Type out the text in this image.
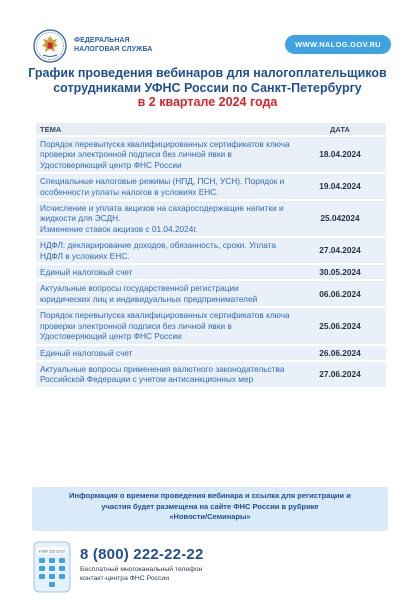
ФЕДЕРАЛЬНАЯ
НАЛОГОВАЯ СЛУЖБА
WWW.NALOG.GOV.RU
График проведения вебинаров для налогоплательщиков
сотрудниками УФНС России по Санкт-Петербургу
в 2 квартале 2024 года
ТЕМА	ДАТА
Порядок перевыпуска квалифицированных сертификатов ключа проверки электронной подписи без личной явки в Удостоверяющий центр ФНС России	18.04.2024
Специальные налоговые режимы (НПД, ПСН, УСН). Порядок и особенности уплаты налогов в условиях ЕНС.	19.04.2024
Исчисление и уплата акцизов на сахаросодержащие напитки и жидкости для ЭСДН.
Изменение ставок акцизов с 01.04.2024г.	25.042024
НДФЛ: декларирование доходов, обязанность, сроки. Уплата НДФЛ в условиях ЕНС.	27.04.2024
Единый налоговый счет	30.05.2024
Актуальные вопросы государственной регистрации юридических лиц и индивидуальных предпринимателей	06.06.2024
Порядок перевыпуска квалифицированных сертификатов ключа проверки электронной подписи без личной явки в Удостоверяющий центр ФНС России	25.06.2024
Единый налоговый счет	26.06.2024
Актуальные вопросы применения валютного законодательства Российской Федерации с учетом антисанкционных мер	27.06.2024
Информация о времени проведения вебинара и ссылка для регистрации и
участия будет размещена на сайте ФНС России в рубрике
«Новости/Семинары»
8 800 222-22-22 8 (800) 222-22-22
Бесплатный многоканальный телефон
контакт-центра ФНС России
